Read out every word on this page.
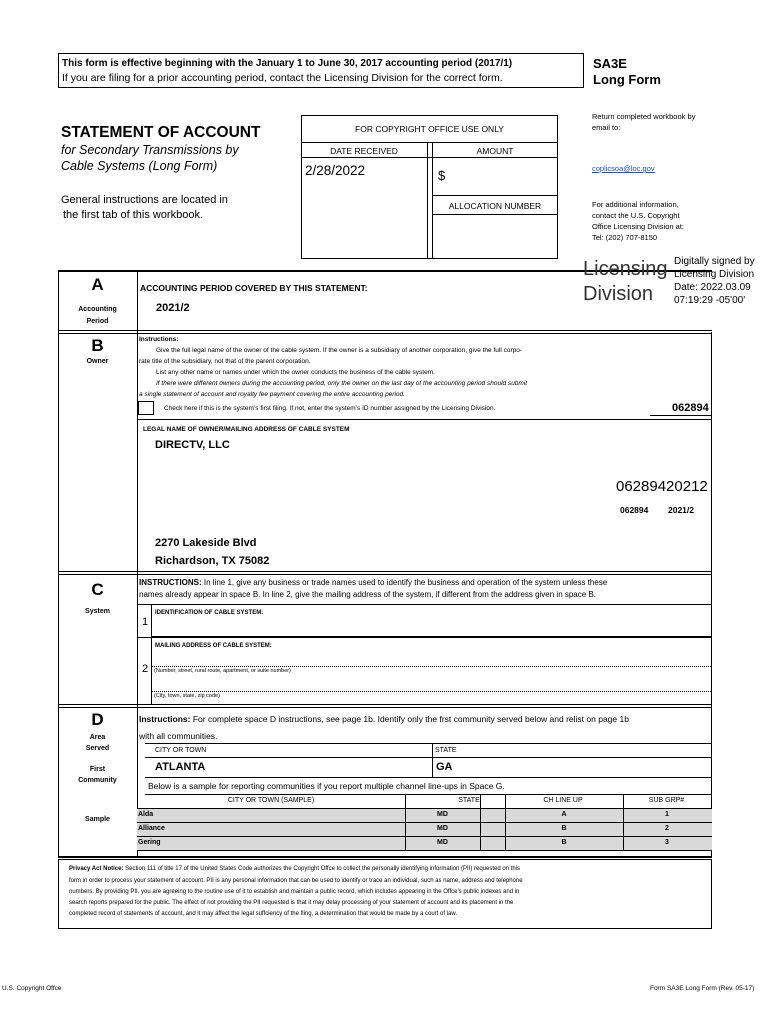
This form is effective beginning with the January 1 to June 30, 2017 accounting period (2017/1)
If you are filing for a prior accounting period, contact the Licensing Division for the correct form.
SA3E
Long Form
STATEMENT OF ACCOUNT
for Secondary Transmissions by
Cable Systems (Long Form)
General instructions are located in
the first tab of this workbook.
FOR COPYRIGHT OFFICE USE ONLY
DATE RECEIVED	AMOUNT
2/28/2022	$
ALLOCATION NUMBER
Return completed workbook by
email to:
coplicsoa@loc.gov
For additional information,
contact the U.S. Copyright
Office Licensing Division at:
Tel: (202) 707-8150
Licensing
Division
Digitally signed by
Licensing Division
Date: 2022.03.09
07:19:29 -05'00'
A
Accounting
Period
ACCOUNTING PERIOD COVERED BY THIS STATEMENT:
2021/2
B
Owner
Instructions:
Give the full legal name of the owner of the cable system. If the owner is a subsidiary of another corporation, give the full corpo-
rate title of the subsidiary, not that of the parent corporation.
List any other name or names under which the owner conducts the business of the cable system.
If there were different owners during the accounting period, only the owner on the last day of the accounting period should submit
a single statement of account and royalty fee payment covering the entire accounting period.
Check here if this is the system’s first filing. If not, enter the system’s ID number assigned by the Licensing Division.	062894
LEGAL NAME OF OWNER/MAILING ADDRESS OF CABLE SYSTEM
DIRECTV, LLC
06289420212
062894 2021/2
2270 Lakeside Blvd
Richardson, TX 75082
C
System
INSTRUCTIONS: In line 1, give any business or trade names used to identify the business and operation of the system unless these
names already appear in space B. In line 2, give the mailing address of the system, if different from the address given in space B.
1
IDENTIFICATION OF CABLE SYSTEM:
MAILING ADDRESS OF CABLE SYSTEM:
2 (Number, street, rural route, apartment, or suite number)
(City, town, state, zip code)
D
Area
Served
First
Community
Sample
Instructions: For complete space D instructions, see page 1b. Identify only the frst community served below and relist on page 1b
with all communities.
CITY OR TOWN	STATE
ATLANTA	GA
Below is a sample for reporting communities if you report multiple channel line-ups in Space G.
CITY OR TOWN (SAMPLE)	STATE	CH LINE UP	SUB GRP#
Alda	MD	A	1
Alliance	MD	B	2
Gering	MD	B	3
Privacy Act Notice: Section 111 of title 17 of the United States Code authorizes the Copyright Offce to collect the personally identifying information (PII) requested on this
form in order to process your statement of account. PII is any personal information that can be used to identify or trace an individual, such as name, address and telephone
numbers. By providing PII, you are agreeing to the routine use of it to establish and maintain a public record, which includes appearing in the Offce’s public indexes and in
search reports prepared for the public. The effect of not providing the PII requested is that it may delay processing of your statement of account and its placement in the
completed record of statements of account, and it may affect the legal suffciency of the fling, a determination that would be made by a court of law.
U.S. Copyright Offce	Form SA3E Long Form (Rev. 05-17)
